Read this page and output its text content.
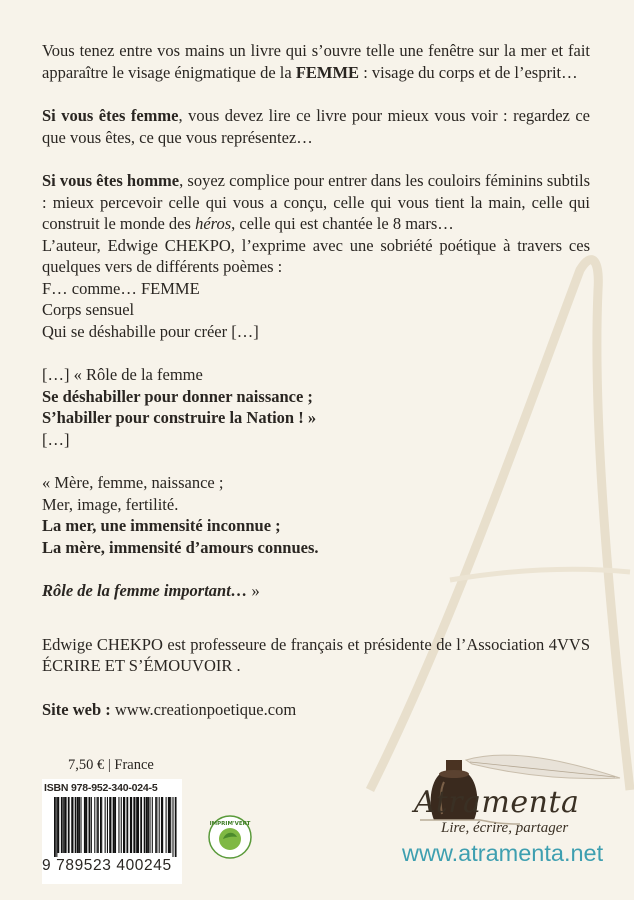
Vous tenez entre vos mains un livre qui s’ouvre telle une fenêtre sur la mer et fait apparaître le visage énigmatique de la FEMME : visage du corps et de l’esprit…

Si vous êtes femme, vous devez lire ce livre pour mieux vous voir : regardez ce que vous êtes, ce que vous représentez…

Si vous êtes homme, soyez complice pour entrer dans les couloirs féminins subtils : mieux percevoir celle qui vous a conçu, celle qui vous tient la main, celle qui construit le monde des héros, celle qui est chantée le 8 mars…

L’auteur, Edwige CHEKPO, l’exprime avec une sobriété poétique à travers ces quelques vers de différents poèmes :

F… comme… FEMME

Corps sensuel

Qui se déshabille pour créer […]

[…] « Rôle de la femme

Se déshabiller pour donner naissance ;

S’habiller pour construire la Nation ! »

[…]

« Mère, femme, naissance ;

Mer, image, fertilité.

La mer, une immensité inconnue ;

La mère, immensité d’amours connues.

Rôle de la femme important… »

Edwige CHEKPO est professeure de français et présidente de l’Association 4VVS ÉCRIRE ET S’ÉMOUVOIR .

Site web : www.creationpoetique.com

7,50 € | France
ISBN 978-952-340-024-5
9 789523 400245
IMPRIM'VERT
Atramenta
Lire, écrire, partager
www.atramenta.net
